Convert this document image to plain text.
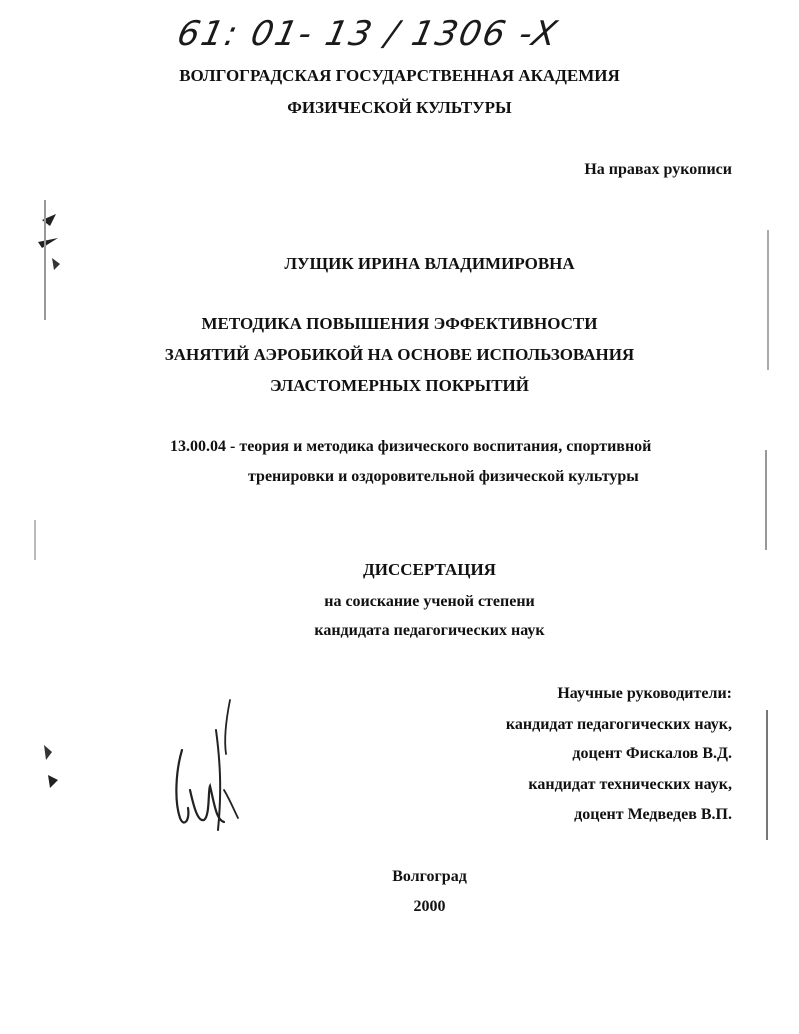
61: 01- 13 / 1306 -X
ВОЛГОГРАДСКАЯ ГОСУДАРСТВЕННАЯ АКАДЕМИЯ
ФИЗИЧЕСКОЙ КУЛЬТУРЫ
На правах рукописи
ЛУЩИК ИРИНА ВЛАДИМИРОВНА
МЕТОДИКА ПОВЫШЕНИЯ ЭФФЕКТИВНОСТИ
ЗАНЯТИЙ АЭРОБИКОЙ НА ОСНОВЕ ИСПОЛЬЗОВАНИЯ
ЭЛАСТОМЕРНЫХ ПОКРЫТИЙ
13.00.04 - теория и методика физического воспитания, спортивной
тренировки и оздоровительной физической культуры
ДИССЕРТАЦИЯ
на соискание ученой степени
кандидата педагогических наук
Научные руководители:
кандидат педагогических наук,
доцент Фискалов В.Д.
кандидат технических наук,
доцент Медведев В.П.
Волгоград
2000
